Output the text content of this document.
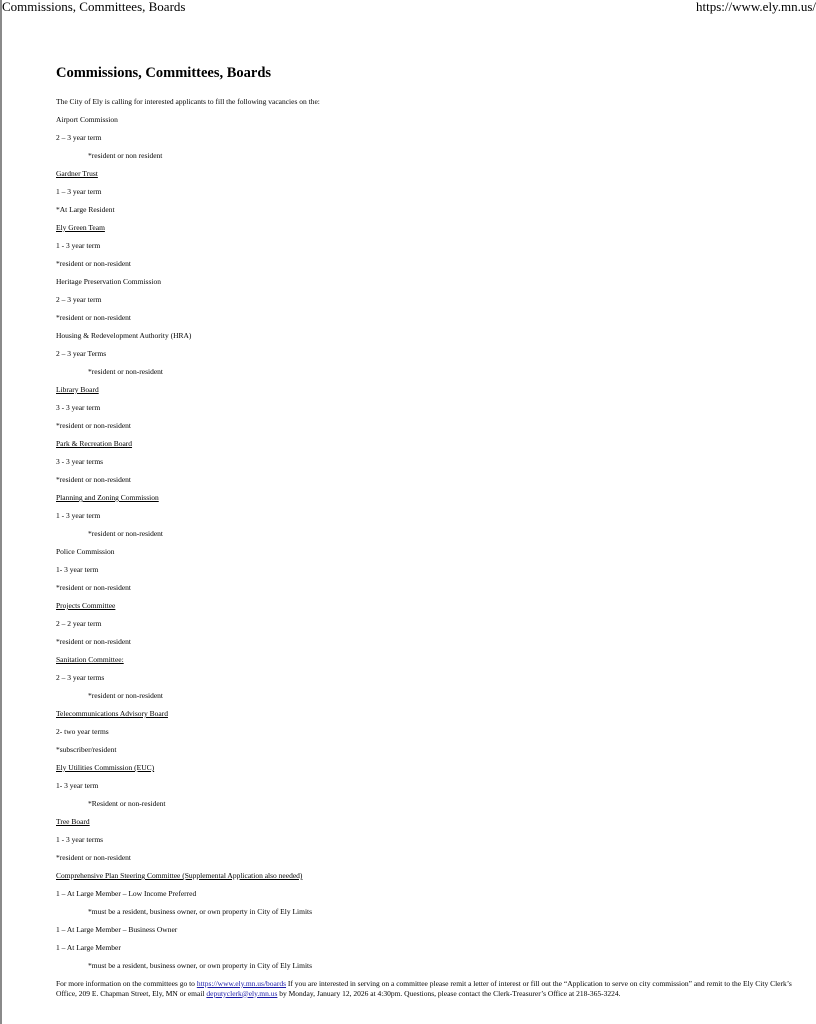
Commissions, Committees, Boards	https://www.ely.mn.us/
Commissions, Committees, Boards
The City of Ely is calling for interested applicants to fill the following vacancies on the:
Airport Commission
2 – 3 year term
*resident or non resident
Gardner Trust
1 – 3 year term
*At Large Resident
Ely Green Team
1 - 3 year term
*resident or non-resident
Heritage Preservation Commission
2 – 3 year term
*resident or non-resident
Housing & Redevelopment Authority (HRA)
2 – 3 year Terms
*resident or non-resident
Library Board
3 - 3 year term
*resident or non-resident
Park & Recreation Board
3 - 3 year terms
*resident or non-resident
Planning and Zoning Commission
1 - 3 year term
*resident or non-resident
Police Commission
1- 3 year term
*resident or non-resident
Projects Committee
2 – 2 year term
*resident or non-resident
Sanitation Committee:
2 – 3 year terms
*resident or non-resident
Telecommunications Advisory Board
2- two year terms
*subscriber/resident
Ely Utilities Commission (EUC)
1- 3 year term
*Resident or non-resident
Tree Board
1 - 3 year terms
*resident or non-resident
Comprehensive Plan Steering Committee (Supplemental Application also needed)
1 – At Large Member – Low Income Preferred
*must be a resident, business owner, or own property in City of Ely Limits
1 – At Large Member – Business Owner
1 – At Large Member
*must be a resident, business owner, or own property in City of Ely Limits
For more information on the committees go to https://www.ely.mn.us/boards If you are interested in serving on a committee please remit a letter of interest or fill out the “Application to serve on city commission” and remit to the Ely City Clerk’s Office, 209 E. Chapman Street, Ely, MN or email deputyclerk@ely.mn.us by Monday, January 12, 2026 at 4:30pm. Questions, please contact the Clerk-Treasurer’s Office at 218-365-3224.
